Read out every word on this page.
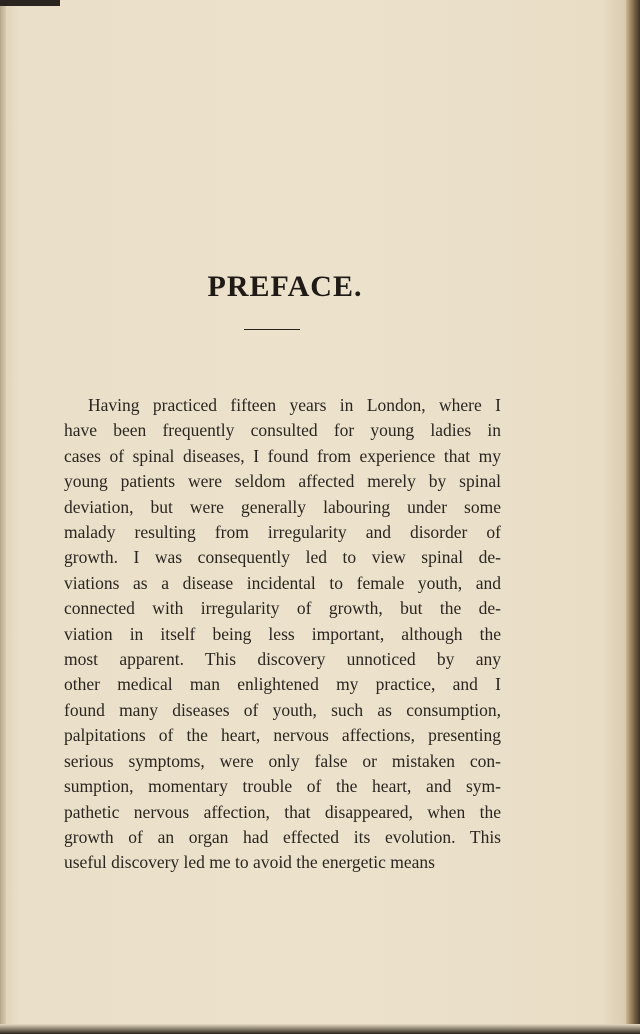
PREFACE.
Having practiced fifteen years in London, where I
have been frequently consulted for young ladies in
cases of spinal diseases, I found from experience that my
young patients were seldom affected merely by spinal
deviation, but were generally labouring under some
malady resulting from irregularity and disorder of
growth. I was consequently led to view spinal de-
viations as a disease incidental to female youth, and
connected with irregularity of growth, but the de-
viation in itself being less important, although the
most apparent. This discovery unnoticed by any
other medical man enlightened my practice, and I
found many diseases of youth, such as consumption,
palpitations of the heart, nervous affections, presenting
serious symptoms, were only false or mistaken con-
sumption, momentary trouble of the heart, and sym-
pathetic nervous affection, that disappeared, when the
growth of an organ had effected its evolution. This
useful discovery led me to avoid the energetic means
